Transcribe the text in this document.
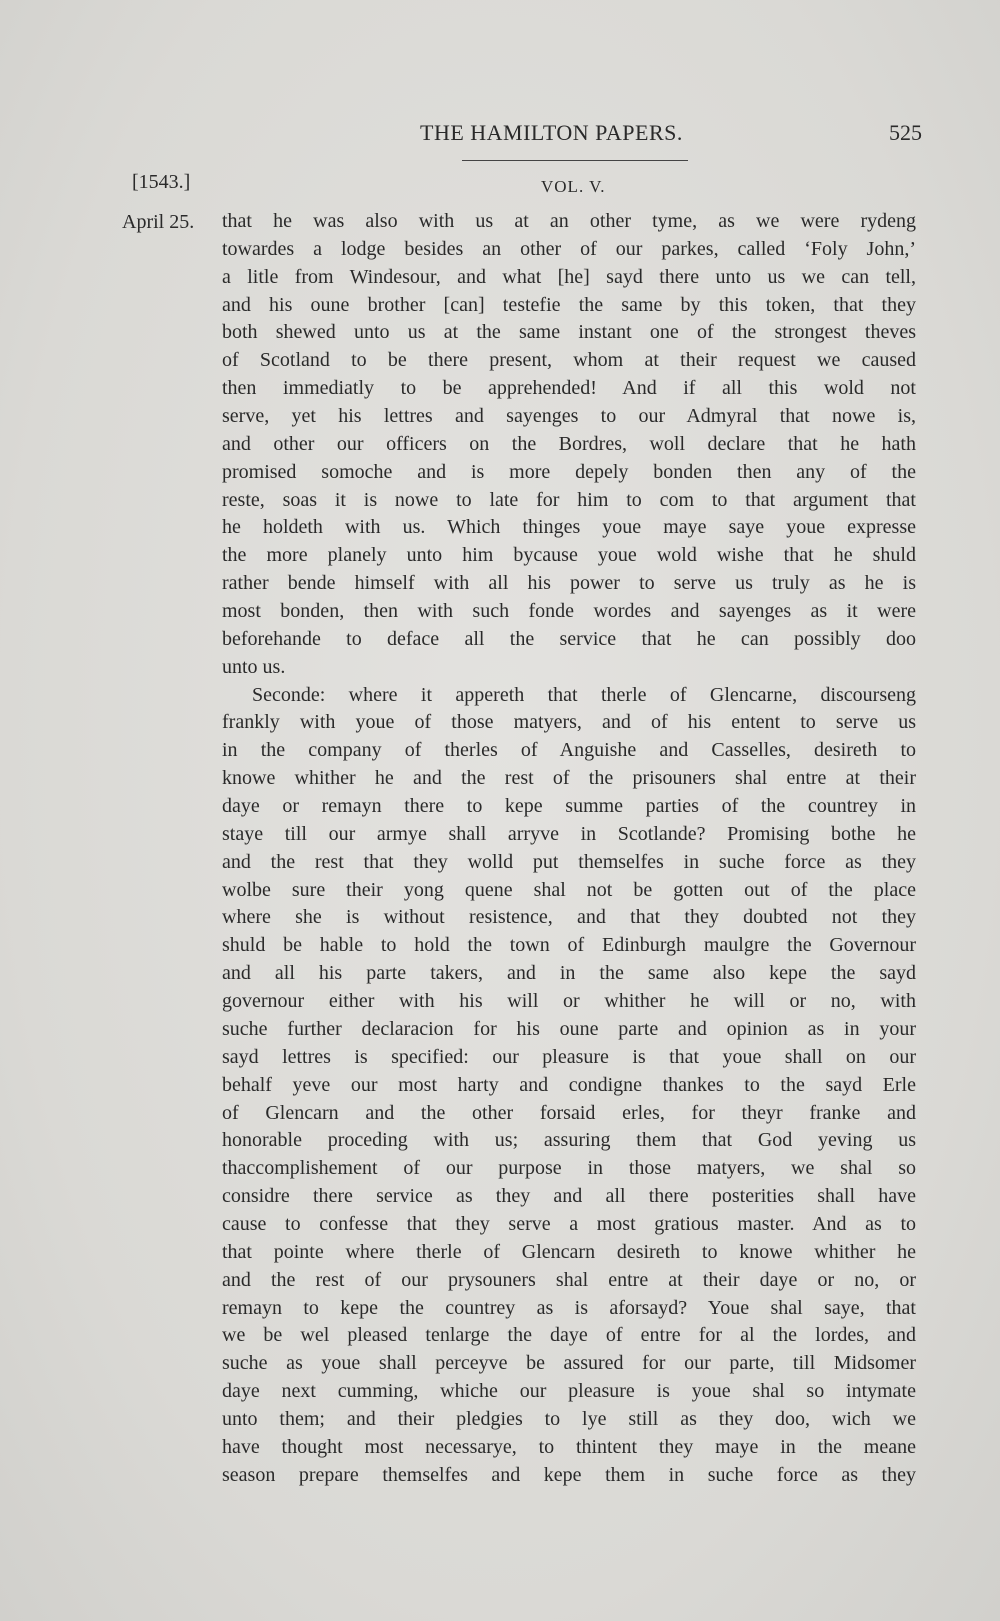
THE HAMILTON PAPERS.	525
[1543.]	VOL. V.
April 25. that he was also with us at an other tyme, as we were rydeng
towardes a lodge besides an other of our parkes, called ‘Foly John,’
a litle from Windesour, and what [he] sayd there unto us we can tell,
and his oune brother [can] testefie the same by this token, that they
both shewed unto us at the same instant one of the strongest theves
of Scotland to be there present, whom at their request we caused
then immediatly to be apprehended! And if all this wold not
serve, yet his lettres and sayenges to our Admyral that nowe is,
and other our officers on the Bordres, woll declare that he hath
promised somoche and is more depely bonden then any of the
reste, soas it is nowe to late for him to com to that argument that
he holdeth with us. Which thinges youe maye saye youe expresse
the more planely unto him bycause youe wold wishe that he shuld
rather bende himself with all his power to serve us truly as he is
most bonden, then with such fonde wordes and sayenges as it were
beforehande to deface all the service that he can possibly doo
unto us.
Seconde: where it appereth that therle of Glencarne, discourseng
frankly with youe of those matyers, and of his entent to serve us
in the company of therles of Anguishe and Casselles, desireth to
knowe whither he and the rest of the prisouners shal entre at their
daye or remayn there to kepe summe parties of the countrey in
staye till our armye shall arryve in Scotlande? Promising bothe he
and the rest that they wolld put themselfes in suche force as they
wolbe sure their yong quene shal not be gotten out of the place
where she is without resistence, and that they doubted not they
shuld be hable to hold the town of Edinburgh maulgre the Governour
and all his parte takers, and in the same also kepe the sayd
governour either with his will or whither he will or no, with
suche further declaracion for his oune parte and opinion as in your
sayd lettres is specified: our pleasure is that youe shall on our
behalf yeve our most harty and condigne thankes to the sayd Erle
of Glencarn and the other forsaid erles, for theyr franke and
honorable proceding with us; assuring them that God yeving us
thaccomplishement of our purpose in those matyers, we shal so
considre there service as they and all there posterities shall have
cause to confesse that they serve a most gratious master. And as to
that pointe where therle of Glencarn desireth to knowe whither he
and the rest of our prysouners shal entre at their daye or no, or
remayn to kepe the countrey as is aforsayd? Youe shal saye, that
we be wel pleased tenlarge the daye of entre for al the lordes, and
suche as youe shall perceyve be assured for our parte, till Midsomer
daye next cumming, whiche our pleasure is youe shal so intymate
unto them; and their pledgies to lye still as they doo, wich we
have thought most necessarye, to thintent they maye in the meane
season prepare themselfes and kepe them in suche force as they
